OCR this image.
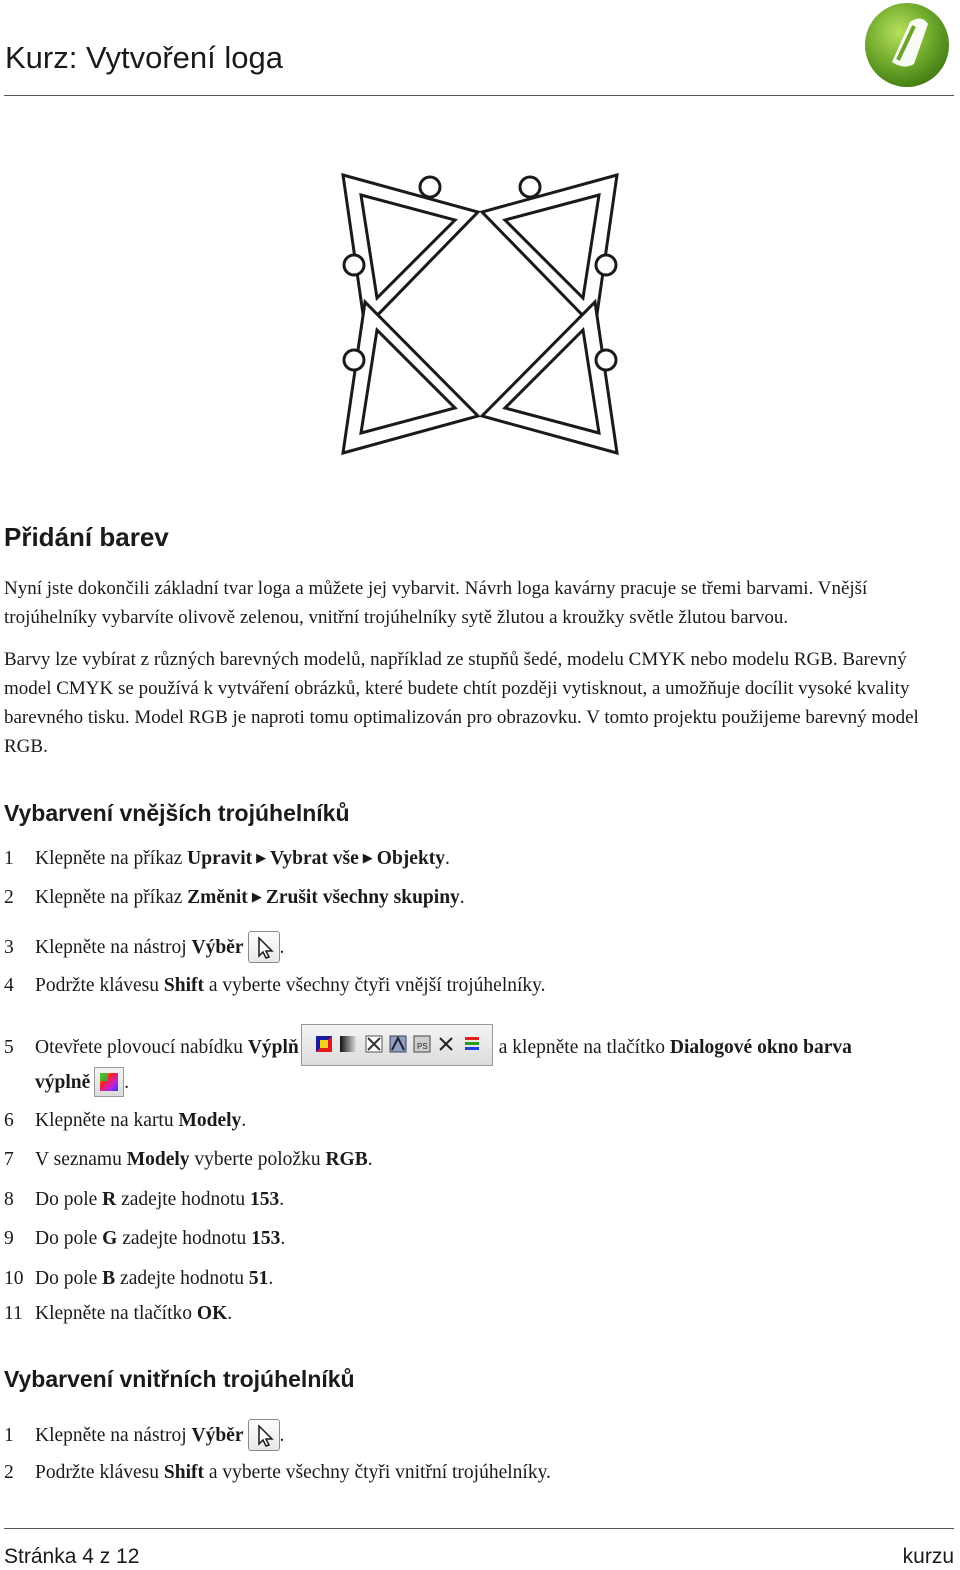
Kurz: Vytvoření loga
Přidání barev

Nyní jste dokončili základní tvar loga a můžete jej vybarvit. Návrh loga kavárny pracuje se třemi barvami. Vnější trojúhelníky vybarvíte olivově zelenou, vnitřní trojúhelníky sytě žlutou a kroužky světle žlutou barvou.

Barvy lze vybírat z různých barevných modelů, například ze stupňů šedé, modelu CMYK nebo modelu RGB. Barevný model CMYK se používá k vytváření obrázků, které budete chtít později vytisknout, a umožňuje docílit vysoké kvality barevného tisku. Model RGB je naproti tomu optimalizován pro obrazovku. V tomto projektu použijeme barevný model RGB.

Vybarvení vnějších trojúhelníků
1 Klepněte na příkaz Upravit ▶ Vybrat vše ▶ Objekty.
2 Klepněte na příkaz Změnit ▶ Zrušit všechny skupiny.
3 Klepněte na nástroj Výběr .
4 Podržte klávesu Shift a vyberte všechny čtyři vnější trojúhelníky.
5 Otevřete plovoucí nabídku Výplň	PS	a klepněte na tlačítko Dialogové okno barva
výplně .
6 Klepněte na kartu Modely.
7 V seznamu Modely vyberte položku RGB.
8 Do pole R zadejte hodnotu 153.
9 Do pole G zadejte hodnotu 153.
10 Do pole B zadejte hodnotu 51.
11 Klepněte na tlačítko OK.
Vybarvení vnitřních trojúhelníků
1 Klepněte na nástroj Výběr .
2 Podržte klávesu Shift a vyberte všechny čtyři vnitřní trojúhelníky.
Stránka 4 z 12	kurzu
